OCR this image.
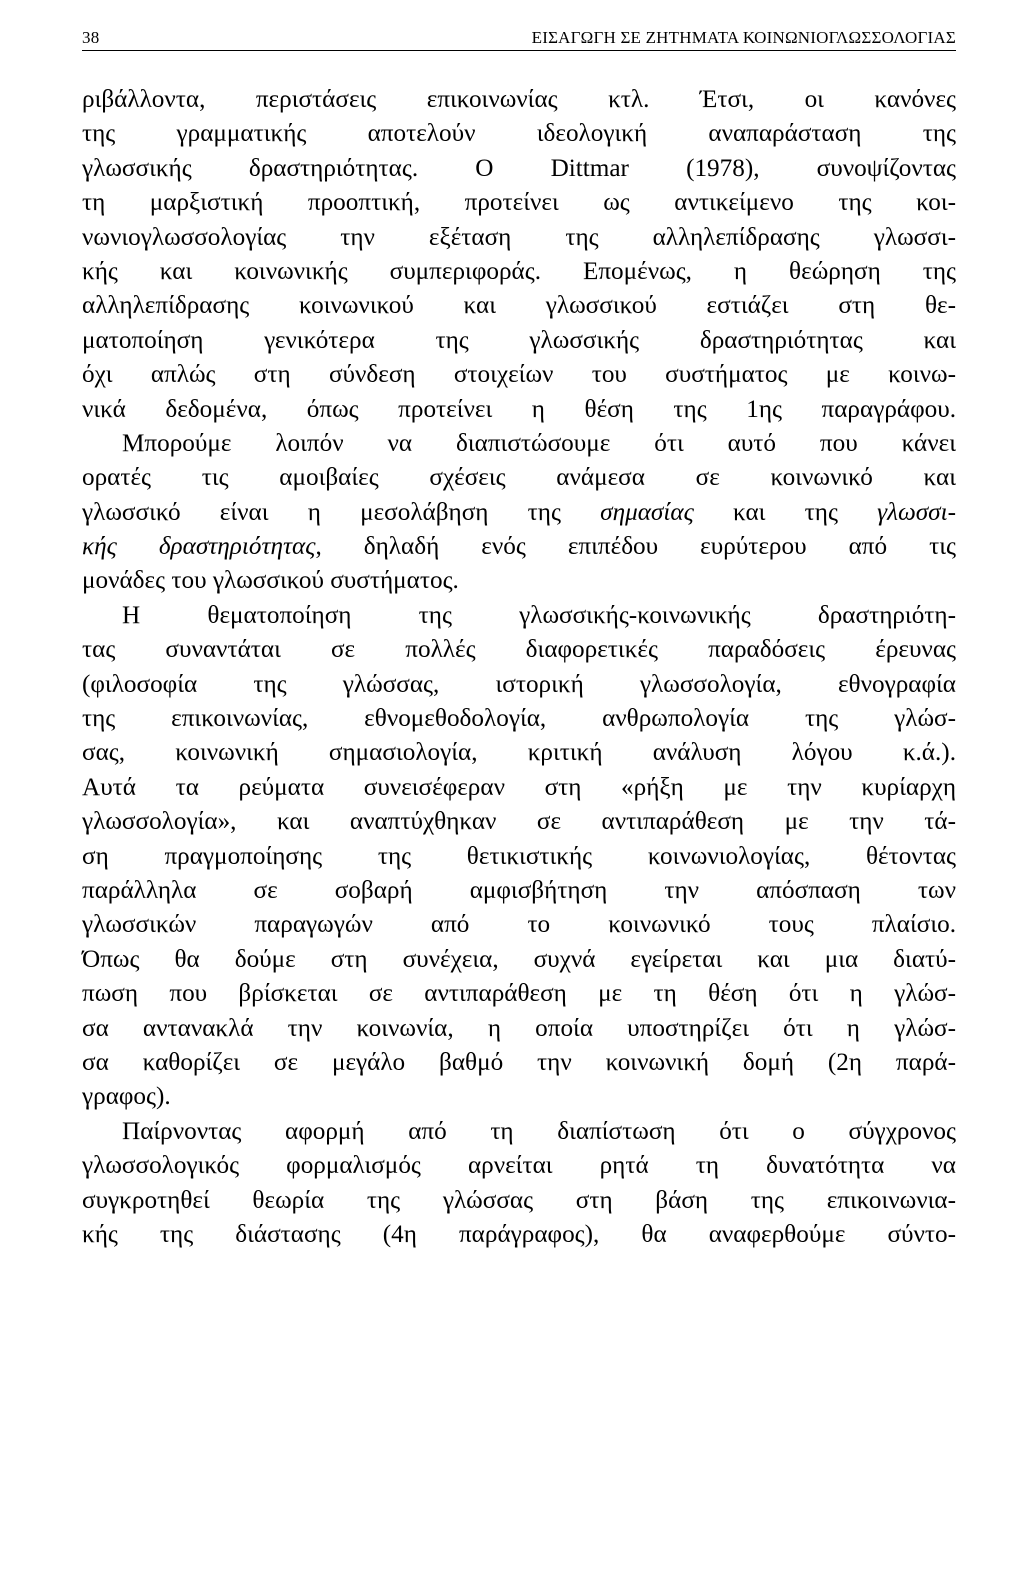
38	ΕΙΣΑΓΩΓΗ ΣΕ ΖΗΤΗΜΑΤΑ ΚΟΙΝΩΝΙΟΓΛΩΣΣΟΛΟΓΙΑΣ
ριβάλλοντα, περιστάσεις επικοινωνίας κτλ. Έτσι, οι κανόνες
της γραμματικής αποτελούν ιδεολογική αναπαράσταση της
γλωσσικής δραστηριότητας. Ο Dittmar (1978), συνοψίζοντας
τη μαρξιστική προοπτική, προτείνει ως αντικείμενο της κοι-
νωνιογλωσσολογίας την εξέταση της αλληλεπίδρασης γλωσσι-
κής και κοινωνικής συμπεριφοράς. Επομένως, η θεώρηση της
αλληλεπίδρασης κοινωνικού και γλωσσικού εστιάζει στη θε-
ματοποίηση γενικότερα της γλωσσικής δραστηριότητας και
όχι απλώς στη σύνδεση στοιχείων του συστήματος με κοινω-
νικά δεδομένα, όπως προτείνει η θέση της 1ης παραγράφου.
Μπορούμε λοιπόν να διαπιστώσουμε ότι αυτό που κάνει
ορατές τις αμοιβαίες σχέσεις ανάμεσα σε κοινωνικό και
γλωσσικό είναι η μεσολάβηση της σημασίας και της γλωσσι-
κής δραστηριότητας, δηλαδή ενός επιπέδου ευρύτερου από τις
μονάδες του γλωσσικού συστήματος.
Η θεματοποίηση της γλωσσικής-κοινωνικής δραστηριότη-
τας συναντάται σε πολλές διαφορετικές παραδόσεις έρευνας
(φιλοσοφία της γλώσσας, ιστορική γλωσσολογία, εθνογραφία
της επικοινωνίας, εθνομεθοδολογία, ανθρωπολογία της γλώσ-
σας, κοινωνική σημασιολογία, κριτική ανάλυση λόγου κ.ά.).
Αυτά τα ρεύματα συνεισέφεραν στη «ρήξη με την κυρίαρχη
γλωσσολογία», και αναπτύχθηκαν σε αντιπαράθεση με την τά-
ση πραγμοποίησης της θετικιστικής κοινωνιολογίας, θέτοντας
παράλληλα σε σοβαρή αμφισβήτηση την απόσπαση των
γλωσσικών παραγωγών από το κοινωνικό τους πλαίσιο.
Όπως θα δούμε στη συνέχεια, συχνά εγείρεται και μια διατύ-
πωση που βρίσκεται σε αντιπαράθεση με τη θέση ότι η γλώσ-
σα αντανακλά την κοινωνία, η οποία υποστηρίζει ότι η γλώσ-
σα καθορίζει σε μεγάλο βαθμό την κοινωνική δομή (2η παρά-
γραφος).
Παίρνοντας αφορμή από τη διαπίστωση ότι ο σύγχρονος
γλωσσολογικός φορμαλισμός αρνείται ρητά τη δυνατότητα να
συγκροτηθεί θεωρία της γλώσσας στη βάση της επικοινωνια-
κής της διάστασης (4η παράγραφος), θα αναφερθούμε σύντο-
